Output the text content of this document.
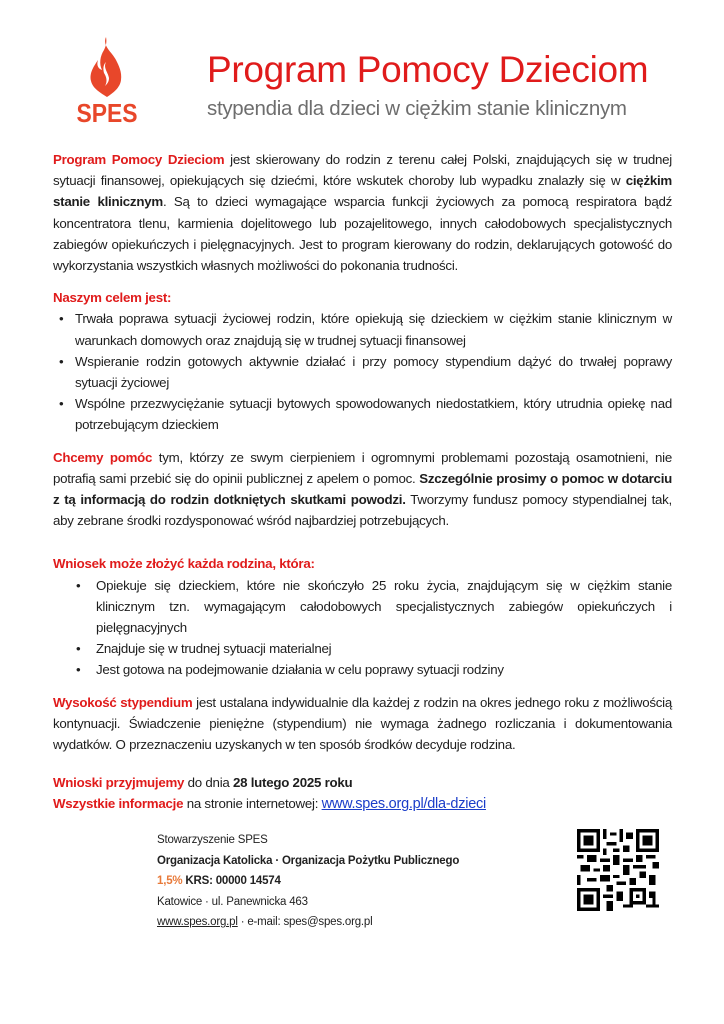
SPES
Program Pomocy Dzieciom
stypendia dla dzieci w ciężkim stanie klinicznym

Program Pomocy Dzieciom jest skierowany do rodzin z terenu całej Polski, znajdujących się w trudnej sytuacji finansowej, opiekujących się dziećmi, które wskutek choroby lub wypadku znalazły się w ciężkim stanie klinicznym. Są to dzieci wymagające wsparcia funkcji życiowych za pomocą respiratora bądź koncentratora tlenu, karmienia dojelitowego lub pozajelitowego, innych całodobowych specjalistycznych zabiegów opiekuńczych i pielęgnacyjnych. Jest to program kierowany do rodzin, deklarujących gotowość do wykorzystania wszystkich własnych możliwości do pokonania trudności.

Naszym celem jest:
• Trwała poprawa sytuacji życiowej rodzin, które opiekują się dzieckiem w ciężkim stanie klinicznym w warunkach domowych oraz znajdują się w trudnej sytuacji finansowej
• Wspieranie rodzin gotowych aktywnie działać i przy pomocy stypendium dążyć do trwałej poprawy sytuacji życiowej
• Wspólne przezwyciężanie sytuacji bytowych spowodowanych niedostatkiem, który utrudnia opiekę nad potrzebującym dzieckiem

Chcemy pomóc tym, którzy ze swym cierpieniem i ogromnymi problemami pozostają osamotnieni, nie potrafią sami przebić się do opinii publicznej z apelem o pomoc. Szczególnie prosimy o pomoc w dotarciu z tą informacją do rodzin dotkniętych skutkami powodzi. Tworzymy fundusz pomocy stypendialnej tak, aby zebrane środki rozdysponować wśród najbardziej potrzebujących.

Wniosek może złożyć każda rodzina, która:
• Opiekuje się dzieckiem, które nie skończyło 25 roku życia, znajdującym się w ciężkim stanie klinicznym tzn. wymagającym całodobowych specjalistycznych zabiegów opiekuńczych i pielęgnacyjnych
• Znajduje się w trudnej sytuacji materialnej
• Jest gotowa na podejmowanie działania w celu poprawy sytuacji rodziny

Wysokość stypendium jest ustalana indywidualnie dla każdej z rodzin na okres jednego roku z możliwością kontynuacji. Świadczenie pieniężne (stypendium) nie wymaga żadnego rozliczania i dokumentowania wydatków. O przeznaczeniu uzyskanych w ten sposób środków decyduje rodzina.

Wnioski przyjmujemy do dnia 28 lutego 2025 roku
Wszystkie informacje na stronie internetowej: www.spes.org.pl/dla-dzieci
Stowarzyszenie SPES
Organizacja Katolicka · Organizacja Pożytku Publicznego
1,5% KRS: 00000 14574
Katowice · ul. Panewnicka 463
www.spes.org.pl · e-mail: spes@spes.org.pl
